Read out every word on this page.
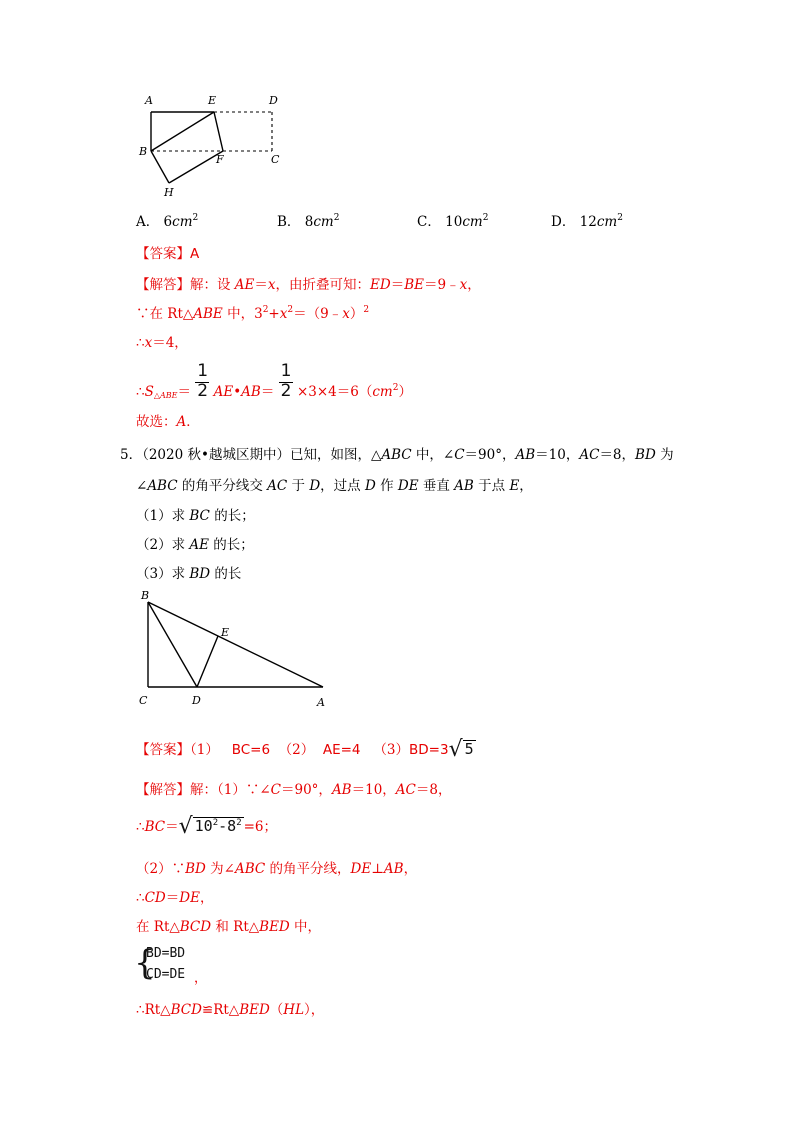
A	E	D
B
F	C
H
A． $6cm^2$	B． $8cm^2$	C． $10cm^2$	D． $12cm^2$
【答案】A
【解答】解：设 AE＝x，由折叠可知：ED＝BE＝9﹣x，
∵在 Rt△ABE 中，$3^2+x^2=(9﹣x)^2$
∴x＝4，
$\therefore S_{\triangle ABE}= \frac{1}{2}$ AE•AB＝ $\frac{1}{2} \times 3\times 4=6(cm^2)$
故选：A．
5．（2020 秋•越城区期中）已知，如图，△ABC 中，∠C＝90°，AB＝10，AC＝8，BD 为
∠ABC 的角平分线交 AC 于 D，过点 D 作 DE 垂直 AB 于点 E，
（1）求 BC 的长；
（2）求 AE 的长；
（3）求 BD 的长
B
E
C	D	A
【答案】（1） BC=6 （2） AE=4 （3）BD=3√ 5
【解答】解：（1）∵∠C＝90°，AB＝10，AC＝8，
∴BC＝√ $10^2-8^2 =6$；
（2）∵BD 为∠ABC 的角平分线，DE⊥AB，
∴CD＝DE，
在 Rt△BCD 和 Rt△BED 中，
{
BD=BD
CD=DE ，
∴Rt△BCD≌Rt△BED（HL），
